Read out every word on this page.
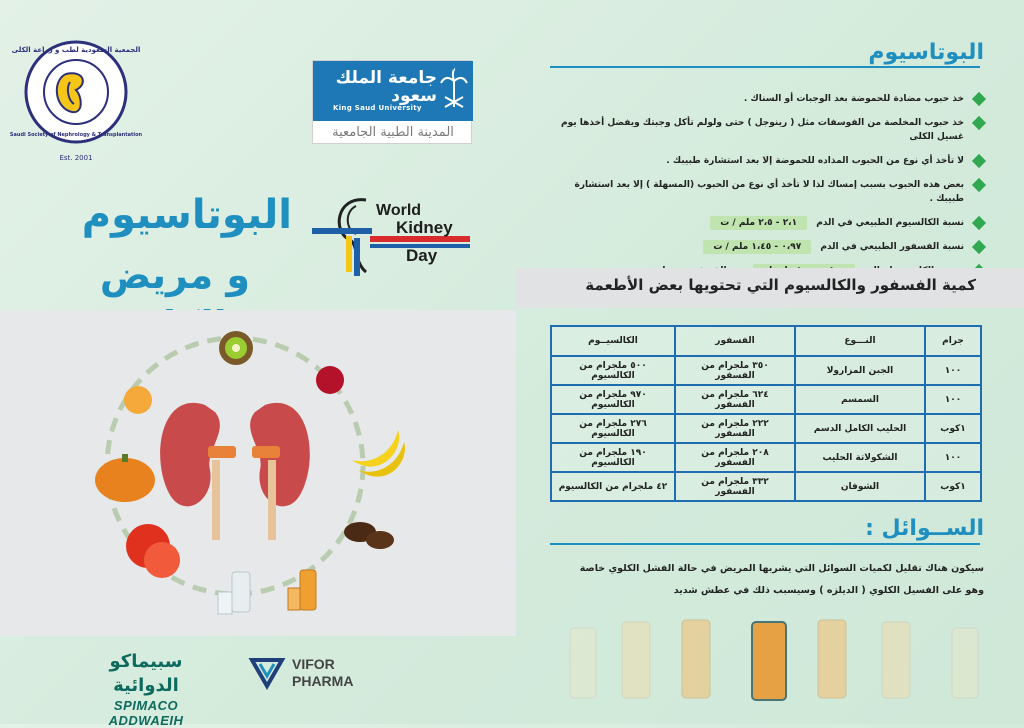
الجمعية السعودية لطب و زراعة الكلى
Saudi Society of Nephrology & Transplantation
Est. 2001
جامعة الملك سعود
King Saud University
المدينة الطبية الجامعية
البوتاسيوم
و مريض
World
Kidney
Day
سبيماكو الدوائية
SPIMACO ADDWAEIH
VIFOR
PHARMA
البوتاسيوم
خذ حبوب مضادة للحموضة بعد الوجبات أو السناك .
خذ حبوب المخلصة من الفوسفات مثل ( رينوجل ) حتى ولولم تأكل وجبتك ويفضل أخذها يوم غسيل الكلى
لا تأخذ أي نوع من الحبوب المذاده للحموضة إلا بعد استشارة طبيبك .
بعض هذه الحبوب بسبب إمساك لذا لا تأخذ أي نوع من الحبوب (المسهلة ) إلا بعد استشارة طبيبك .
نسبة الكالسيوم الطبيعي في الدم ٢،١ - ٢،٥ ملم / ت
نسبة الفسفور الطبيعي في الدم ٠،٩٧ - ١،٤٥ ملم / ت
كمية الفسفور والكالسيوم التي تحتويها بعض الأطعمة
جرام	النـــوع	الفسفور	الكالسيــوم
١٠٠	الجبن المزارولا	٣٥٠ ملجرام من الفسفور	٥٠٠ ملجرام من الكالسيوم
١٠٠	السمسم	٦٢٤ ملجرام من الفسفور	٩٧٠ ملجرام من الكالسيوم
١كوب	الحليب الكامل الدسم	٢٢٢ ملجرام من الفسفور	٢٧٦ ملجرام من الكالسيوم
١٠٠	الشكولاتة الحليب	٢٠٨ ملجرام من الفسفور	١٩٠ ملجرام من الكالسيوم
١كوب	الشوفان	٣٣٢ ملجرام من الفسفور	٤٢ ملجرام من الكالسيوم
الســوائل :
سيكون هناك تقليل لكميات السوائل التي يشربها المريض في حالة الفشل الكلوي خاصة
وهو على الفسيل الكلوي ( الديلزه ) وسيسبب ذلك في عطش شديد
